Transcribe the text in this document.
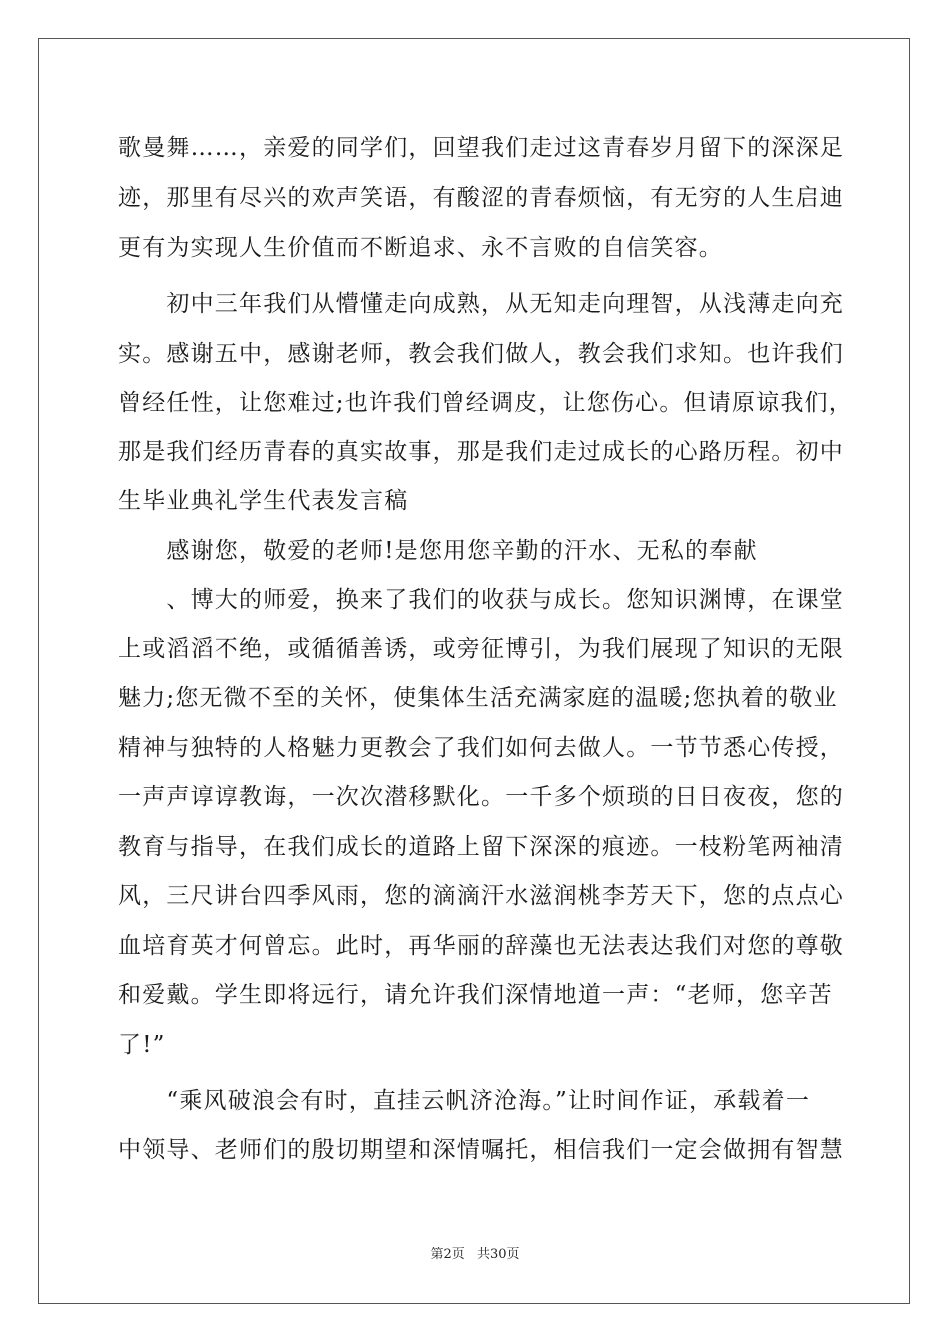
歌曼舞……，亲爱的同学们，回望我们走过这青春岁月留下的深深足
迹，那里有尽兴的欢声笑语，有酸涩的青春烦恼，有无穷的人生启迪
更有为实现人生价值而不断追求、永不言败的自信笑容。
　　初中三年我们从懵懂走向成熟，从无知走向理智，从浅薄走向充
实。感谢五中，感谢老师，教会我们做人，教会我们求知。也许我们
曾经任性，让您难过;也许我们曾经调皮，让您伤心。但请原谅我们，
那是我们经历青春的真实故事，那是我们走过成长的心路历程。初中
生毕业典礼学生代表发言稿
　　感谢您，敬爱的老师!是您用您辛勤的汗水、无私的奉献
　　、博大的师爱，换来了我们的收获与成长。您知识渊博，在课堂
上或滔滔不绝，或循循善诱，或旁征博引，为我们展现了知识的无限
魅力;您无微不至的关怀，使集体生活充满家庭的温暖;您执着的敬业
精神与独特的人格魅力更教会了我们如何去做人。一节节悉心传授，
一声声谆谆教诲，一次次潜移默化。一千多个烦琐的日日夜夜，您的
教育与指导，在我们成长的道路上留下深深的痕迹。一枝粉笔两袖清
风，三尺讲台四季风雨，您的滴滴汗水滋润桃李芳天下，您的点点心
血培育英才何曾忘。此时，再华丽的辞藻也无法表达我们对您的尊敬
和爱戴。学生即将远行，请允许我们深情地道一声：“老师，您辛苦
了!”
　　“乘风破浪会有时，直挂云帆济沧海。”让时间作证，承载着一
中领导、老师们的殷切期望和深情嘱托，相信我们一定会做拥有智慧
第2页 共30页
